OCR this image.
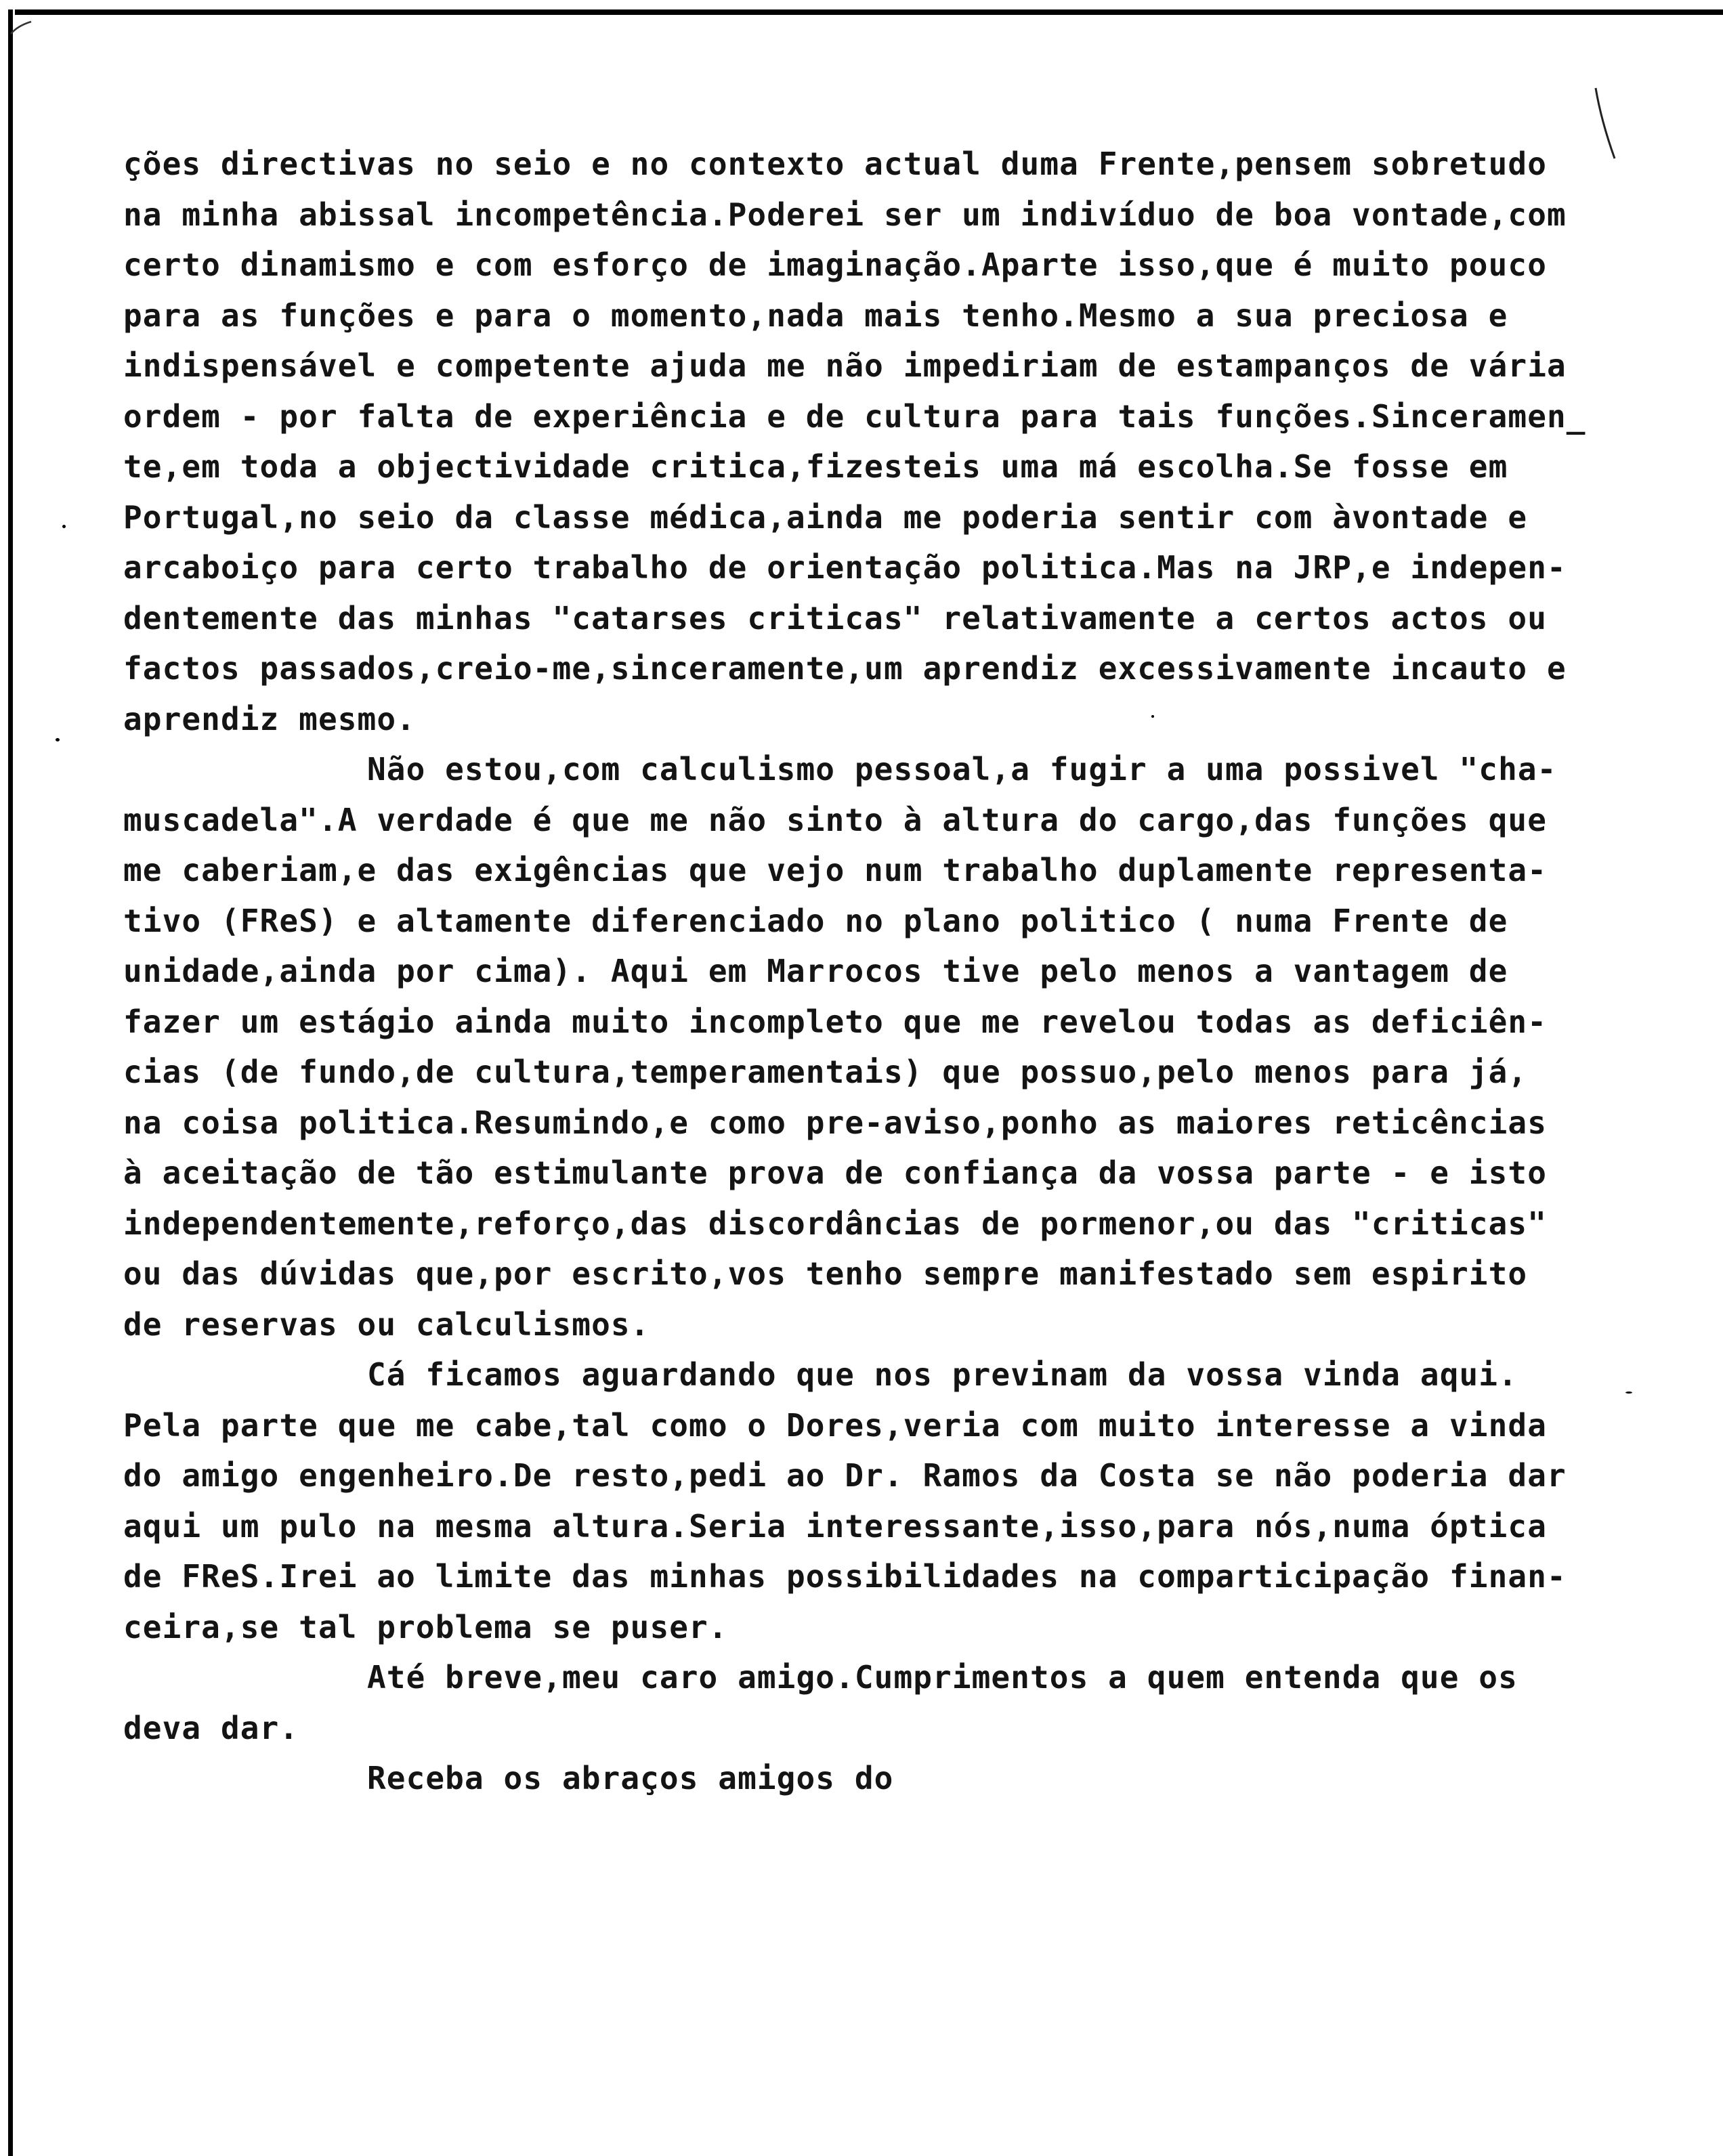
ções directivas no seio e no contexto actual duma Frente,pensem sobretudo
na minha abissal incompetência.Poderei ser um indivíduo de boa vontade,com
certo dinamismo e com esforço de imaginação.Aparte isso,que é muito pouco
para as funções e para o momento,nada mais tenho.Mesmo a sua preciosa e
indispensável e competente ajuda me não impediriam de estampanços de vária
ordem - por falta de experiência e de cultura para tais funções.Sinceramen_
te,em toda a objectividade critica,fizesteis uma má escolha.Se fosse em
Portugal,no seio da classe médica,ainda me poderia sentir com àvontade e
arcaboiço para certo trabalho de orientação politica.Mas na JRP,e indepen-
dentemente das minhas "catarses criticas" relativamente a certos actos ou
factos passados,creio-me,sinceramente,um aprendiz excessivamente incauto e
aprendiz mesmo.
Não estou,com calculismo pessoal,a fugir a uma possivel "cha-
muscadela".A verdade é que me não sinto à altura do cargo,das funções que
me caberiam,e das exigências que vejo num trabalho duplamente representa-
tivo (FReS) e altamente diferenciado no plano politico ( numa Frente de
unidade,ainda por cima). Aqui em Marrocos tive pelo menos a vantagem de
fazer um estágio ainda muito incompleto que me revelou todas as deficiên-
cias (de fundo,de cultura,temperamentais) que possuo,pelo menos para já,
na coisa politica.Resumindo,e como pre-aviso,ponho as maiores reticências
à aceitação de tão estimulante prova de confiança da vossa parte - e isto
independentemente,reforço,das discordâncias de pormenor,ou das "criticas"
ou das dúvidas que,por escrito,vos tenho sempre manifestado sem espirito
de reservas ou calculismos.
Cá ficamos aguardando que nos previnam da vossa vinda aqui.
Pela parte que me cabe,tal como o Dores,veria com muito interesse a vinda
do amigo engenheiro.De resto,pedi ao Dr. Ramos da Costa se não poderia dar
aqui um pulo na mesma altura.Seria interessante,isso,para nós,numa óptica
de FReS.Irei ao limite das minhas possibilidades na comparticipação finan-
ceira,se tal problema se puser.
Até breve,meu caro amigo.Cumprimentos a quem entenda que os
deva dar.
Receba os abraços amigos do
